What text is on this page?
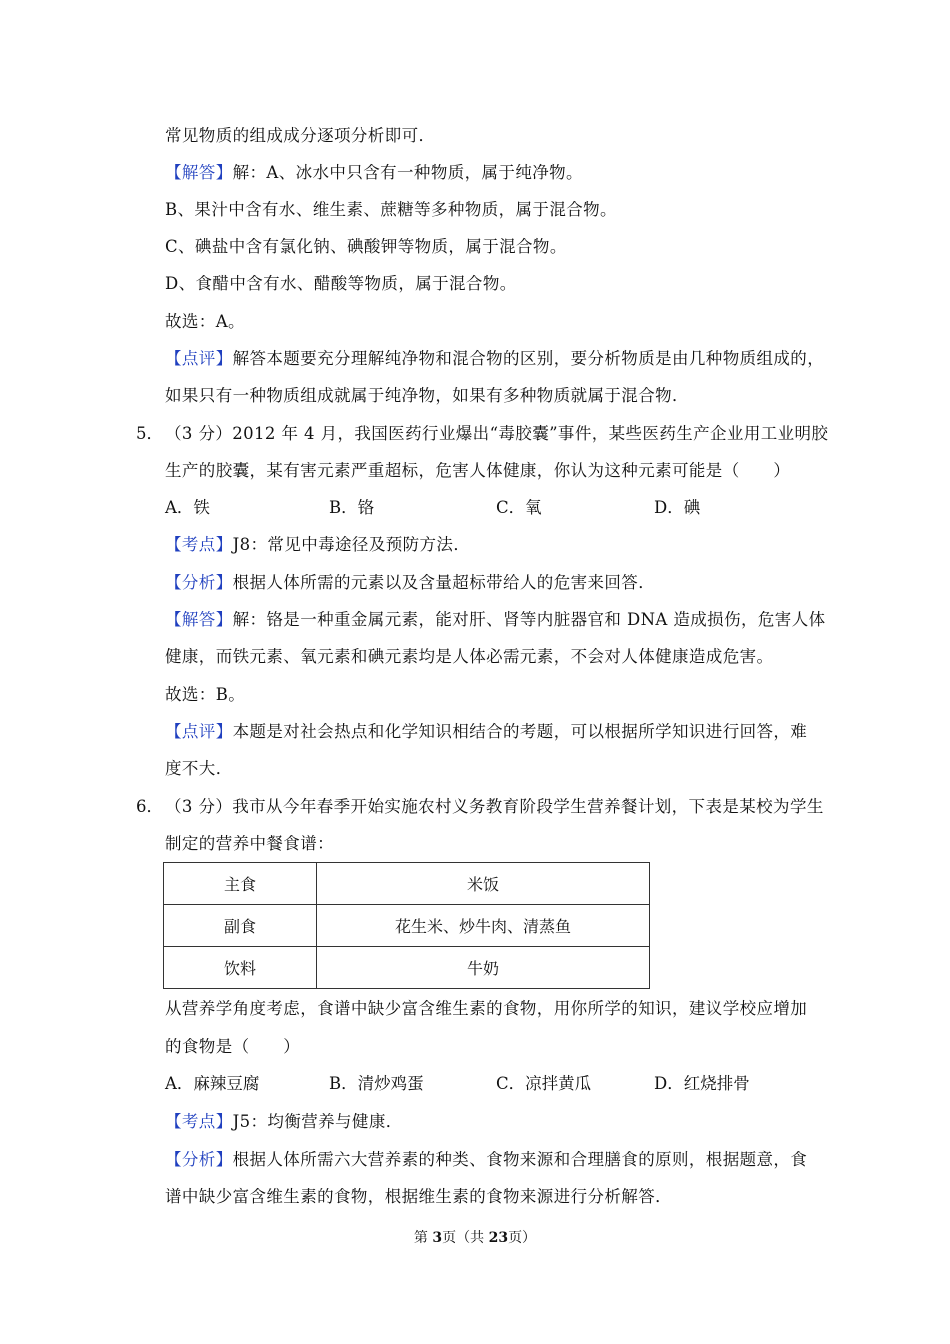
常见物质的组成成分逐项分析即可．
【解答】解：A、冰水中只含有一种物质，属于纯净物。
B、果汁中含有水、维生素、蔗糖等多种物质，属于混合物。
C、碘盐中含有氯化钠、碘酸钾等物质，属于混合物。
D、食醋中含有水、醋酸等物质，属于混合物。
故选：A。
【点评】解答本题要充分理解纯净物和混合物的区别，要分析物质是由几种物质组成的，
如果只有一种物质组成就属于纯净物，如果有多种物质就属于混合物．
5． （3 分）2012 年 4 月，我国医药行业爆出“毒胶囊”事件，某些医药生产企业用工业明胶
生产的胶囊，某有害元素严重超标，危害人体健康，你认为这种元素可能是（　　）
A．铁	B．铬	C．氧	D．碘
【考点】J8：常见中毒途径及预防方法．
【分析】根据人体所需的元素以及含量超标带给人的危害来回答．
【解答】解：铬是一种重金属元素，能对肝、肾等内脏器官和 DNA 造成损伤，危害人体
健康，而铁元素、氧元素和碘元素均是人体必需元素，不会对人体健康造成危害。
故选：B。
【点评】本题是对社会热点和化学知识相结合的考题，可以根据所学知识进行回答，难
度不大．
6． （3 分）我市从今年春季开始实施农村义务教育阶段学生营养餐计划，下表是某校为学生
制定的营养中餐食谱：
主食	米饭
副食	花生米、炒牛肉、清蒸鱼
饮料	牛奶
从营养学角度考虑，食谱中缺少富含维生素的食物，用你所学的知识，建议学校应增加
的食物是（　　）
A．麻辣豆腐	B．清炒鸡蛋	C．凉拌黄瓜	D．红烧排骨
【考点】J5：均衡营养与健康．
【分析】根据人体所需六大营养素的种类、食物来源和合理膳食的原则，根据题意，食
谱中缺少富含维生素的食物，根据维生素的食物来源进行分析解答．
第 3页（共 23页）
